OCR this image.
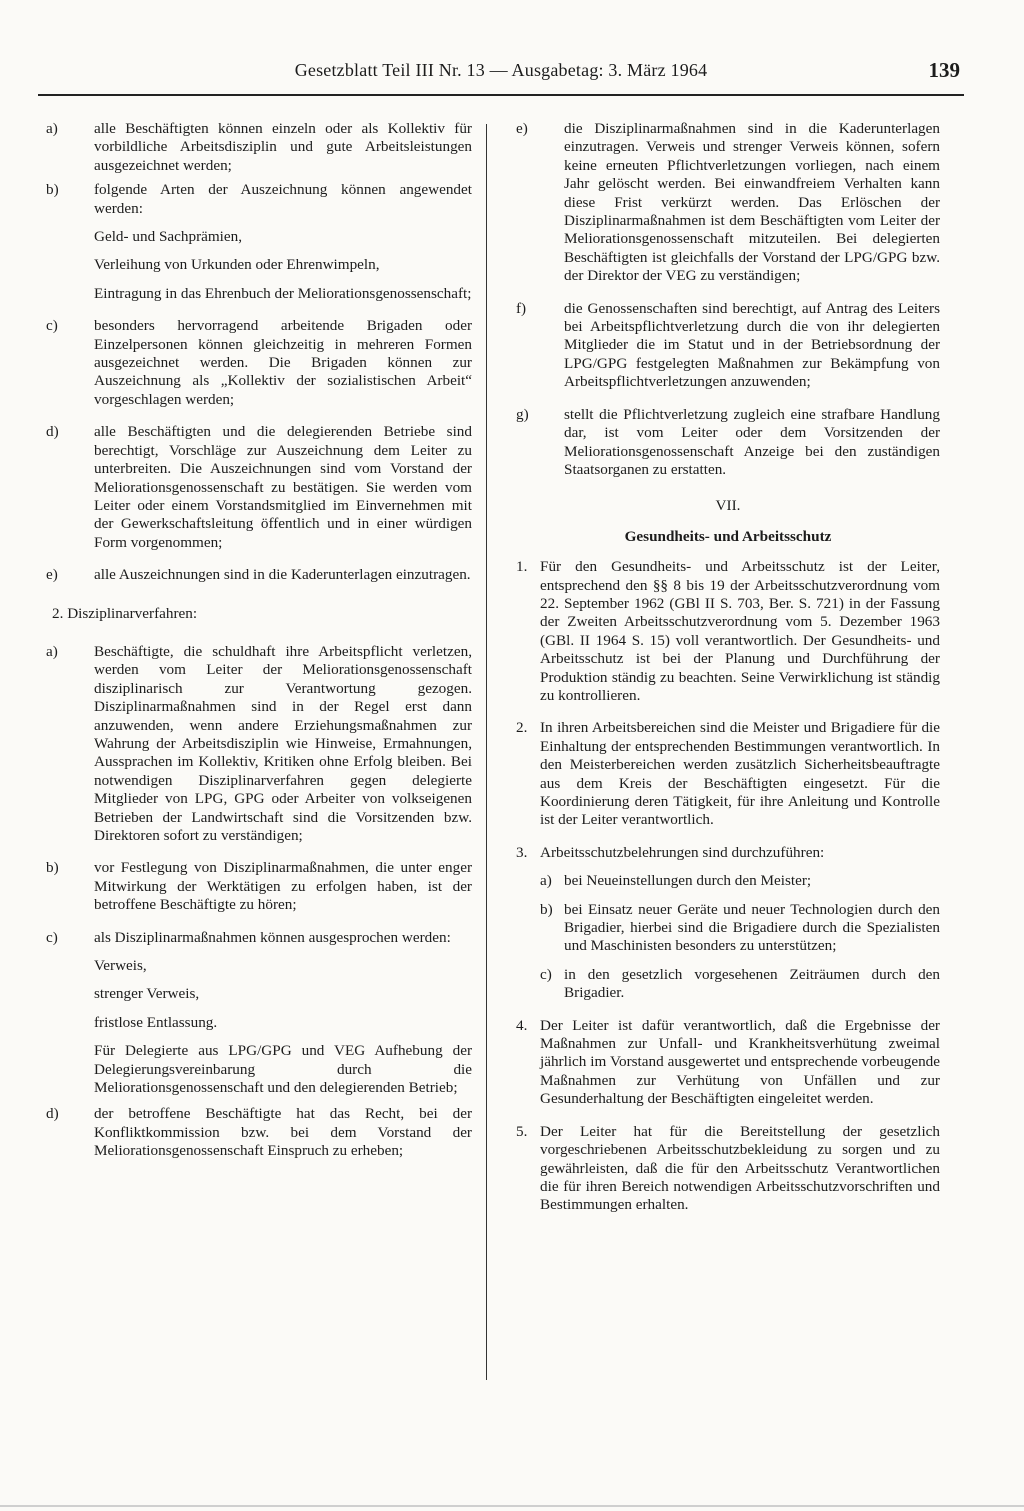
Gesetzblatt Teil III Nr. 13 — Ausgabetag: 3. März 1964	139
a) alle Beschäftigten können einzeln oder als Kollektiv für vorbildliche Arbeitsdisziplin und gute Arbeitsleistungen ausgezeichnet werden;

b) folgende Arten der Auszeichnung können angewendet werden:

Geld- und Sachprämien,

Verleihung von Urkunden oder Ehrenwimpeln,

Eintragung in das Ehrenbuch der Meliorationsgenossenschaft;

c) besonders hervorragend arbeitende Brigaden oder Einzelpersonen können gleichzeitig in mehreren Formen ausgezeichnet werden. Die Brigaden können zur Auszeichnung als „Kollektiv der sozialistischen Arbeit“ vorgeschlagen werden;

d) alle Beschäftigten und die delegierenden Betriebe sind berechtigt, Vorschläge zur Auszeichnung dem Leiter zu unterbreiten. Die Auszeichnungen sind vom Vorstand der Meliorationsgenossenschaft zu bestätigen. Sie werden vom Leiter oder einem Vorstandsmitglied im Einvernehmen mit der Gewerkschaftsleitung öffentlich und in einer würdigen Form vorgenommen;

e) alle Auszeichnungen sind in die Kaderunterlagen einzutragen.

2. Disziplinarverfahren:

a) Beschäftigte, die schuldhaft ihre Arbeitspflicht verletzen, werden vom Leiter der Meliorationsgenossenschaft disziplinarisch zur Verantwortung gezogen. Disziplinarmaßnahmen sind in der Regel erst dann anzuwenden, wenn andere Erziehungsmaßnahmen zur Wahrung der Arbeitsdisziplin wie Hinweise, Ermahnungen, Aussprachen im Kollektiv, Kritiken ohne Erfolg bleiben. Bei notwendigen Disziplinarverfahren gegen delegierte Mitglieder von LPG, GPG oder Arbeiter von volkseigenen Betrieben der Landwirtschaft sind die Vorsitzenden bzw. Direktoren sofort zu verständigen;

b) vor Festlegung von Disziplinarmaßnahmen, die unter enger Mitwirkung der Werktätigen zu erfolgen haben, ist der betroffene Beschäftigte zu hören;

c) als Disziplinarmaßnahmen können ausgesprochen werden:

Verweis,

strenger Verweis,

fristlose Entlassung.

Für Delegierte aus LPG/GPG und VEG Aufhebung der Delegierungsvereinbarung durch die Meliorationsgenossenschaft und den delegierenden Betrieb;

d) der betroffene Beschäftigte hat das Recht, bei der Konfliktkommission bzw. bei dem Vorstand der Meliorationsgenossenschaft Einspruch zu erheben;

e) die Disziplinarmaßnahmen sind in die Kaderunterlagen einzutragen. Verweis und strenger Verweis können, sofern keine erneuten Pflichtverletzungen vorliegen, nach einem Jahr gelöscht werden. Bei einwandfreiem Verhalten kann diese Frist verkürzt werden. Das Erlöschen der Disziplinarmaßnahmen ist dem Beschäftigten vom Leiter der Meliorationsgenossenschaft mitzuteilen. Bei delegierten Beschäftigten ist gleichfalls der Vorstand der LPG/GPG bzw. der Direktor der VEG zu verständigen;

f) die Genossenschaften sind berechtigt, auf Antrag des Leiters bei Arbeitspflichtverletzung durch die von ihr delegierten Mitglieder die im Statut und in der Betriebsordnung der LPG/GPG festgelegten Maßnahmen zur Bekämpfung von Arbeitspflichtverletzungen anzuwenden;

g) stellt die Pflichtverletzung zugleich eine strafbare Handlung dar, ist vom Leiter oder dem Vorsitzenden der Meliorationsgenossenschaft Anzeige bei den zuständigen Staatsorganen zu erstatten.

VII.

Gesundheits- und Arbeitsschutz

1. Für den Gesundheits- und Arbeitsschutz ist der Leiter, entsprechend den §§ 8 bis 19 der Arbeitsschutzverordnung vom 22. September 1962 (GBl II S. 703, Ber. S. 721) in der Fassung der Zweiten Arbeitsschutzverordnung vom 5. Dezember 1963 (GBl. II 1964 S. 15) voll verantwortlich. Der Gesundheits- und Arbeitsschutz ist bei der Planung und Durchführung der Produktion ständig zu beachten. Seine Verwirklichung ist ständig zu kontrollieren.

2. In ihren Arbeitsbereichen sind die Meister und Brigadiere für die Einhaltung der entsprechenden Bestimmungen verantwortlich. In den Meisterbereichen werden zusätzlich Sicherheitsbeauftragte aus dem Kreis der Beschäftigten eingesetzt. Für die Koordinierung deren Tätigkeit, für ihre Anleitung und Kontrolle ist der Leiter verantwortlich.

3. Arbeitsschutzbelehrungen sind durchzuführen:

a) bei Neueinstellungen durch den Meister;

b) bei Einsatz neuer Geräte und neuer Technologien durch den Brigadier, hierbei sind die Brigadiere durch die Spezialisten und Maschinisten besonders zu unterstützen;

c) in den gesetzlich vorgesehenen Zeiträumen durch den Brigadier.

4. Der Leiter ist dafür verantwortlich, daß die Ergebnisse der Maßnahmen zur Unfall- und Krankheitsverhütung zweimal jährlich im Vorstand ausgewertet und entsprechende vorbeugende Maßnahmen zur Verhütung von Unfällen und zur Gesunderhaltung der Beschäftigten eingeleitet werden.

5. Der Leiter hat für die Bereitstellung der gesetzlich vorgeschriebenen Arbeitsschutzbekleidung zu sorgen und zu gewährleisten, daß die für den Arbeitsschutz Verantwortlichen die für ihren Bereich notwendigen Arbeitsschutzvorschriften und Bestimmungen erhalten.
